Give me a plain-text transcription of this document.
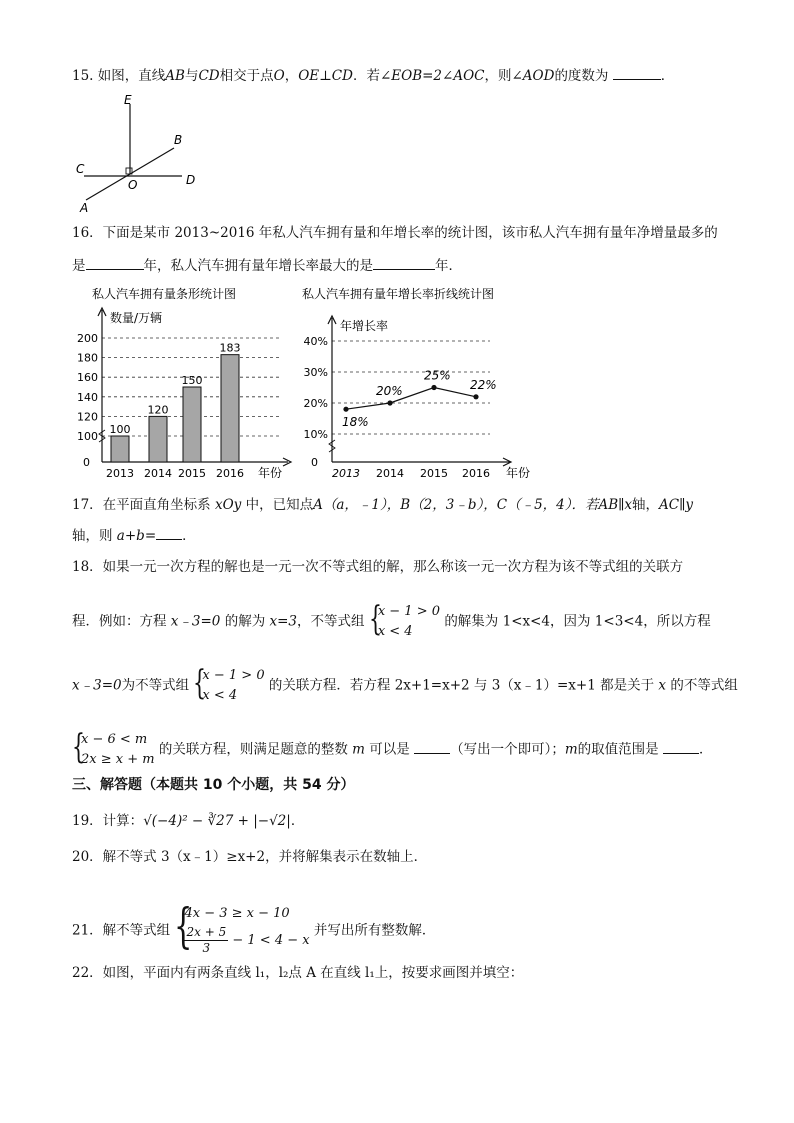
15. 如图，直线AB与CD相交于点O，OE⊥CD．若∠EOB=2∠AOC，则∠AOD的度数为	．
E
B
C
O	D
A
16．下面是某市 2013~2016 年私人汽车拥有量和年增长率的统计图，该市私人汽车拥有量年净增量最多的
是	年，私人汽车拥有量年增长率最大的是	年．
私人汽车拥有量条形统计图
数量/万辆
100
120
140
160
180
200
0
100
2013
120
2014
150
2015
183
2016 年份
私人汽车拥有量年增长率折线统计图
年增长率
10%
20%
30%
40%
0
18%
2013
20%
2014
25%
2015
22%
2016 年份
17．在平面直角坐标系 xOy 中，已知点A（a，﹣1），B（2，3﹣b），C（﹣5，4）．若AB∥x轴，AC∥y
轴，则 a+b= ．
18．如果一元一次方程的解也是一元一次不等式组的解，那么称该一元一次方程为该不等式组的关联方
程．例如：方程 x﹣3=0 的解为 x=3，不等式组 {
x − 1 > 0
x < 4
的解集为 1<x<4，因为 1<3<4，所以方程
x﹣3=0为不等式组 {
x − 1 > 0
x < 4
的关联方程．若方程 2x+1=x+2 与 3（x﹣1）=x+1 都是关于 x 的不等式组
{
x − 6 < m
2x ≥ x + m
的关联方程，则满足题意的整数 m 可以是	（写出一个即可）；m的取值范围是	．
三、解答题（本题共 10 个小题，共 54 分）
19．计算：√(−4)² − ∛27 + |−√2|．
20．解不等式 3（x﹣1）≥x+2，并将解集表示在数轴上．
21．解不等式组 {
4x − 3 ≥ x − 10
$\frac{2x + 5}{3} - 1 < 4 - x$
并写出所有整数解．
22．如图，平面内有两条直线 l₁，l₂点 A 在直线 l₁上，按要求画图并填空：
